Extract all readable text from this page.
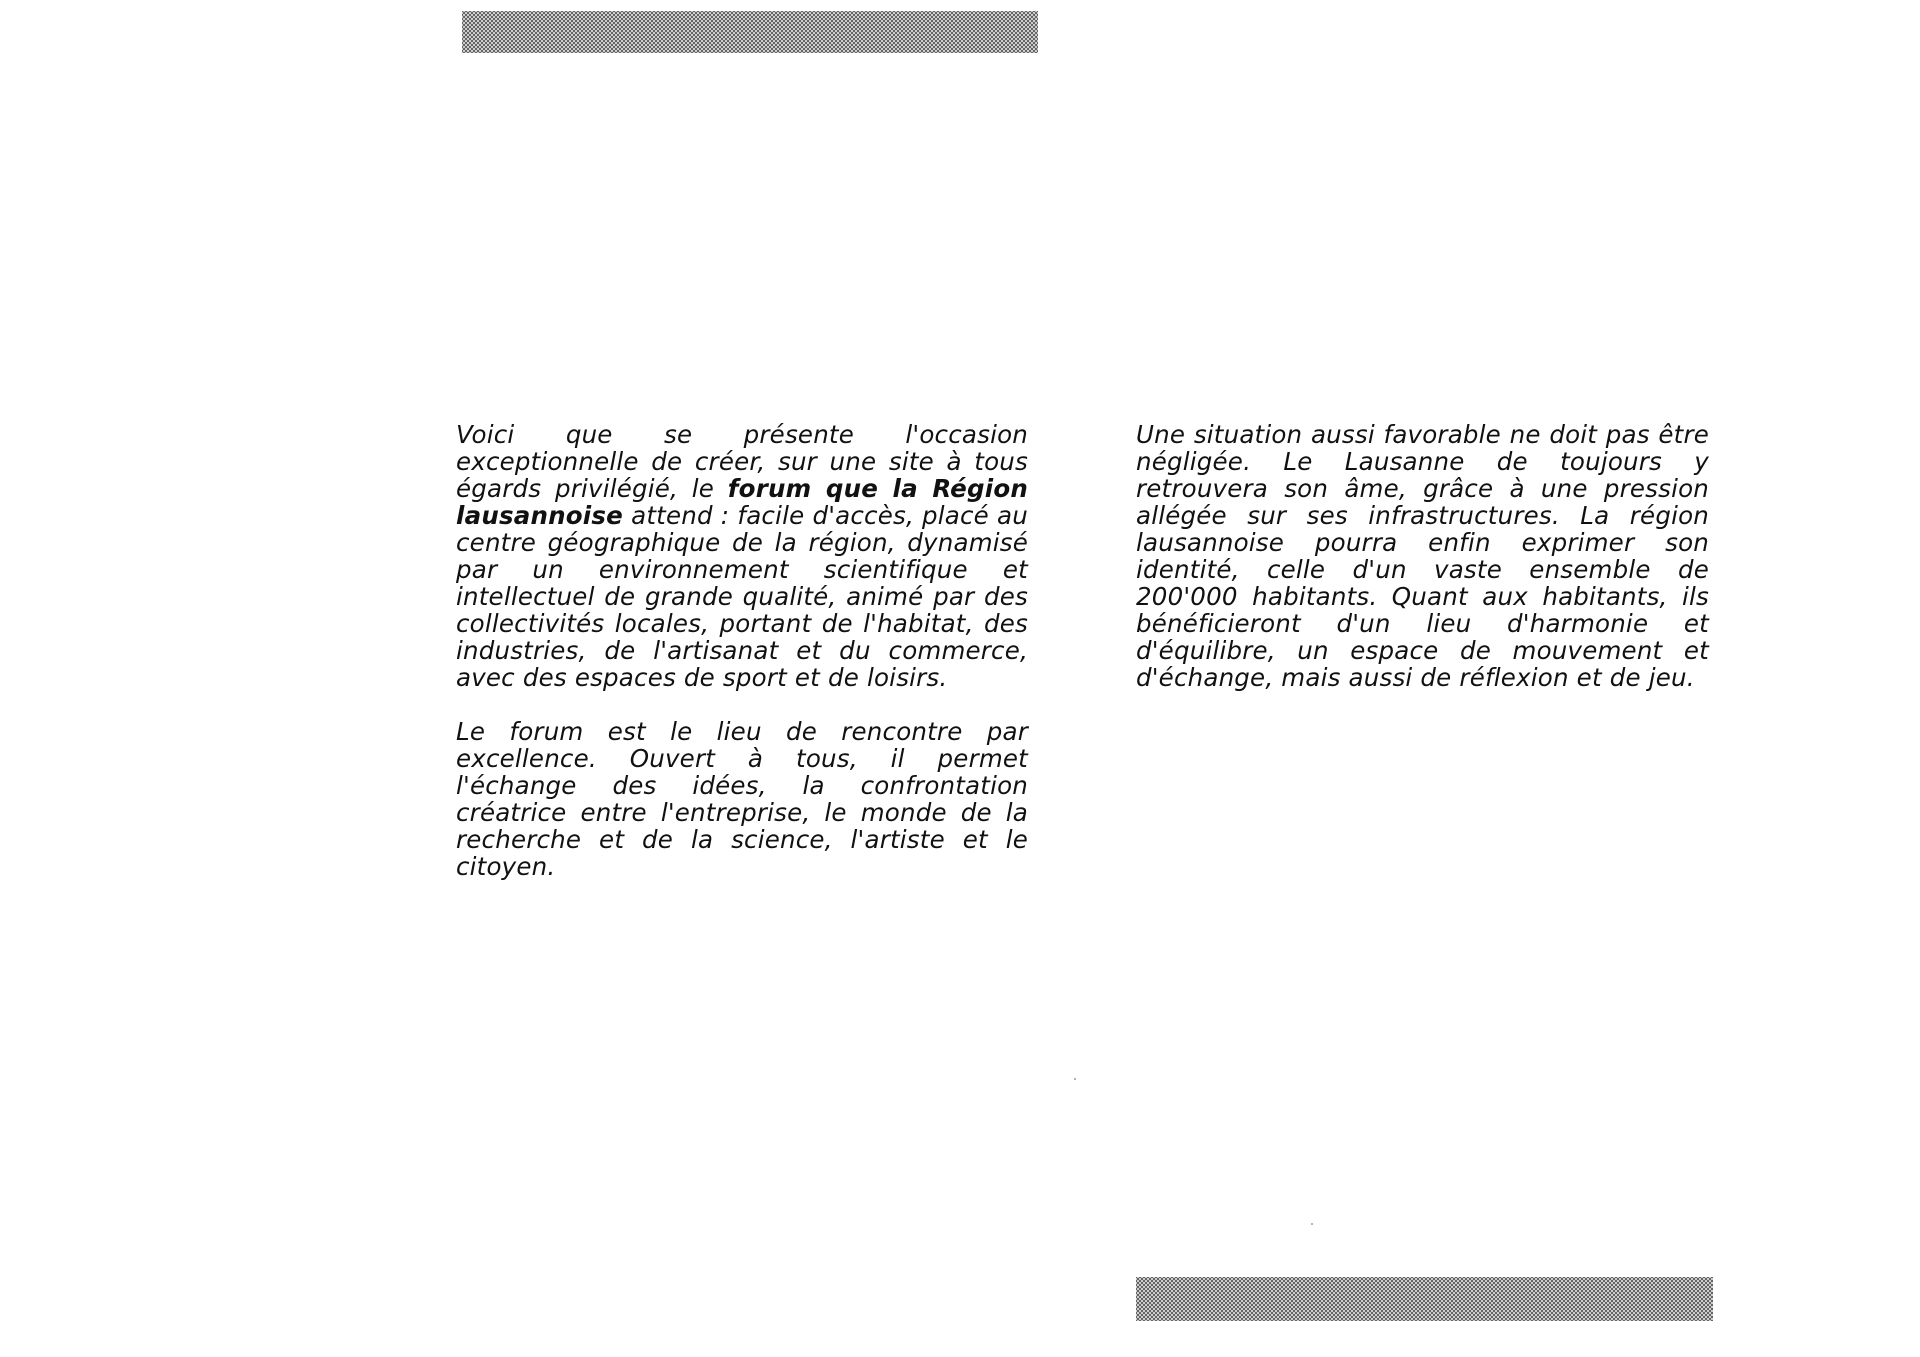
Voici que se présente l'occasion exceptionnelle de créer, sur une site à tous égards privilégié, le forum que la Région lausannoise attend : facile d'accès, placé au centre géographique de la région, dynamisé par un environnement scientifique et intellectuel de grande qualité, animé par des collectivités locales, portant de l'habitat, des industries, de l'artisanat et du commerce, avec des espaces de sport et de loisirs.

Le forum est le lieu de rencontre par excellence. Ouvert à tous, il permet l'échange des idées, la confrontation créatrice entre l'entreprise, le monde de la recherche et de la science, l'artiste et le citoyen.

Une situation aussi favorable ne doit pas être négligée. Le Lausanne de toujours y retrouvera son âme, grâce à une pression allégée sur ses infrastructures. La région lausannoise pourra enfin exprimer son identité, celle d'un vaste ensemble de 200'000 habitants. Quant aux habitants, ils bénéficieront d'un lieu d'harmonie et d'équilibre, un espace de mouvement et d'échange, mais aussi de réflexion et de jeu.
